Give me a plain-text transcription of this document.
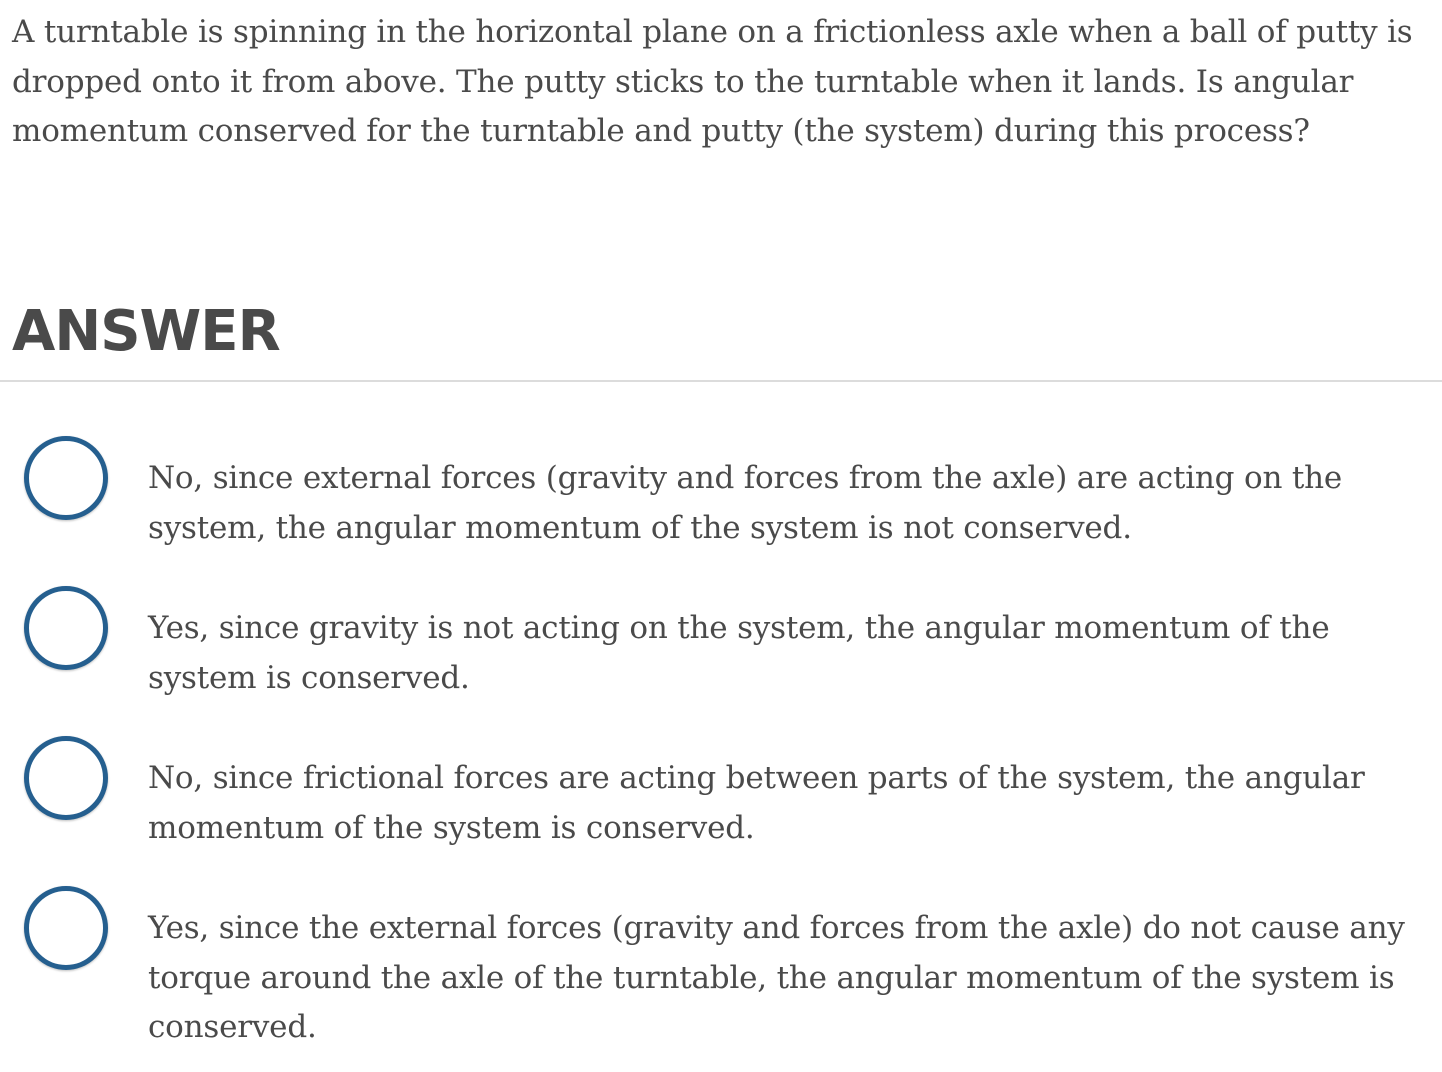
A turntable is spinning in the horizontal plane on a frictionless axle when a ball of putty is dropped onto it from above. The putty sticks to the turntable when it lands. Is angular momentum conserved for the turntable and putty (the system) during this process?

ANSWER
No, since external forces (gravity and forces from the axle) are acting on the system, the angular momentum of the system is not conserved.
Yes, since gravity is not acting on the system, the angular momentum of the system is conserved.
No, since frictional forces are acting between parts of the system, the angular momentum of the system is conserved.
Yes, since the external forces (gravity and forces from the axle) do not cause any torque around the axle of the turntable, the angular momentum of the system is conserved.
